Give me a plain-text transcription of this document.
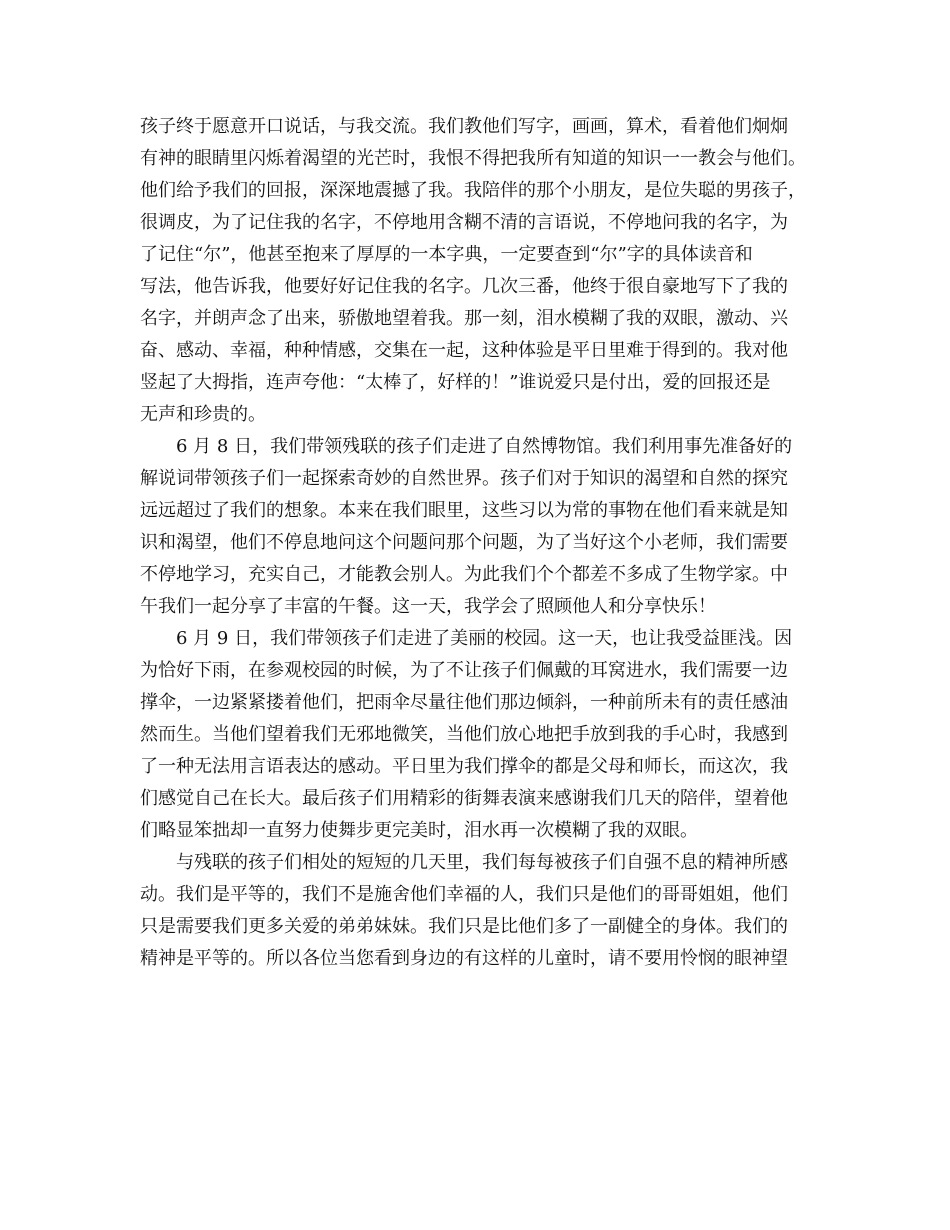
孩子终于愿意开口说话，与我交流。我们教他们写字，画画，算术，看着他们炯炯
有神的眼睛里闪烁着渴望的光芒时，我恨不得把我所有知道的知识一一教会与他们。
他们给予我们的回报，深深地震撼了我。我陪伴的那个小朋友，是位失聪的男孩子，
很调皮，为了记住我的名字，不停地用含糊不清的言语说，不停地问我的名字，为
了记住“尔”，他甚至抱来了厚厚的一本字典，一定要查到“尔”字的具体读音和
写法，他告诉我，他要好好记住我的名字。几次三番，他终于很自豪地写下了我的
名字，并朗声念了出来，骄傲地望着我。那一刻，泪水模糊了我的双眼，激动、兴
奋、感动、幸福，种种情感，交集在一起，这种体验是平日里难于得到的。我对他
竖起了大拇指，连声夸他：“太棒了，好样的！”谁说爱只是付出，爱的回报还是
无声和珍贵的。
6 月 8 日，我们带领残联的孩子们走进了自然博物馆。我们利用事先准备好的
解说词带领孩子们一起探索奇妙的自然世界。孩子们对于知识的渴望和自然的探究
远远超过了我们的想象。本来在我们眼里，这些习以为常的事物在他们看来就是知
识和渴望，他们不停息地问这个问题问那个问题，为了当好这个小老师，我们需要
不停地学习，充实自己，才能教会别人。为此我们个个都差不多成了生物学家。中
午我们一起分享了丰富的午餐。这一天，我学会了照顾他人和分享快乐！
6 月 9 日，我们带领孩子们走进了美丽的校园。这一天，也让我受益匪浅。因
为恰好下雨，在参观校园的时候，为了不让孩子们佩戴的耳窝进水，我们需要一边
撑伞，一边紧紧搂着他们，把雨伞尽量往他们那边倾斜，一种前所未有的责任感油
然而生。当他们望着我们无邪地微笑，当他们放心地把手放到我的手心时，我感到
了一种无法用言语表达的感动。平日里为我们撑伞的都是父母和师长，而这次，我
们感觉自己在长大。最后孩子们用精彩的街舞表演来感谢我们几天的陪伴，望着他
们略显笨拙却一直努力使舞步更完美时，泪水再一次模糊了我的双眼。
与残联的孩子们相处的短短的几天里，我们每每被孩子们自强不息的精神所感
动。我们是平等的，我们不是施舍他们幸福的人，我们只是他们的哥哥姐姐，他们
只是需要我们更多关爱的弟弟妹妹。我们只是比他们多了一副健全的身体。我们的
精神是平等的。所以各位当您看到身边的有这样的儿童时，请不要用怜悯的眼神望
